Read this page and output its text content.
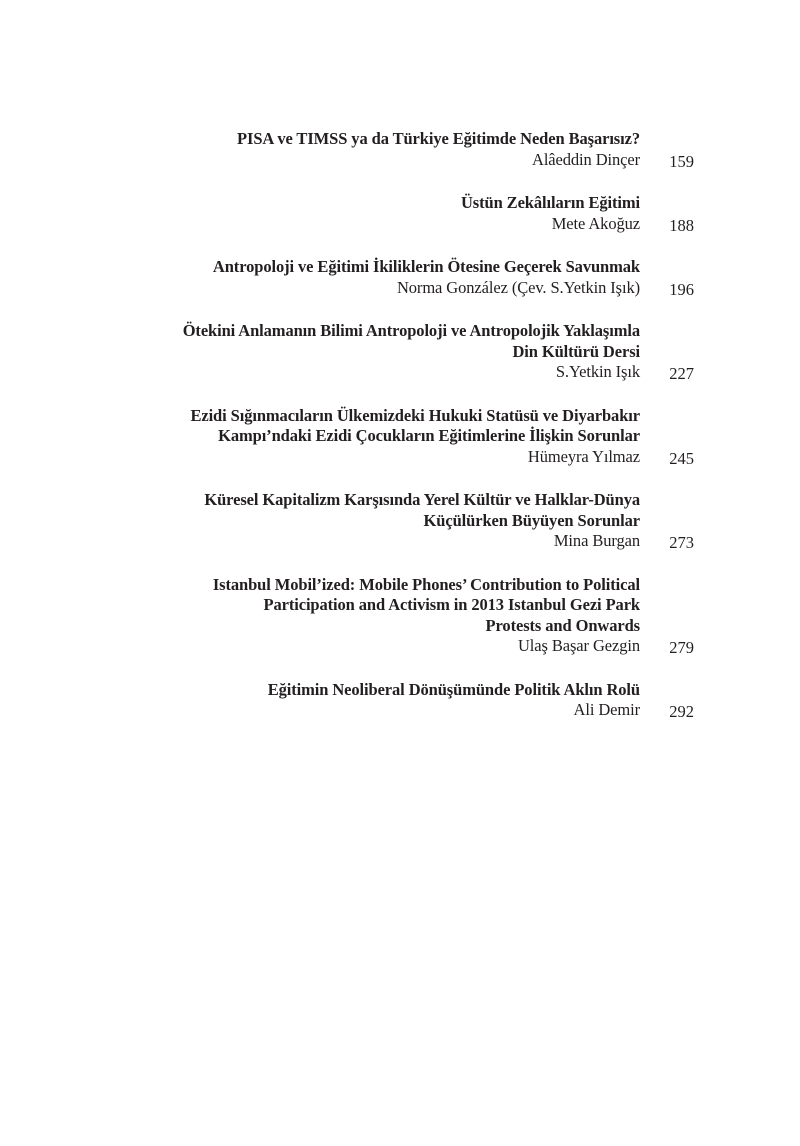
PISA ve TIMSS ya da Türkiye Eğitimde Neden Başarısız?
Alâeddin Dinçer	159
Üstün Zekâlıların Eğitimi
Mete Akoğuz	188
Antropoloji ve Eğitimi İkiliklerin Ötesine Geçerek Savunmak
Norma González (Çev. S.Yetkin Işık)	196
Ötekini Anlamanın Bilimi Antropoloji ve Antropolojik Yaklaşımla
Din Kültürü Dersi
S.Yetkin Işık	227
Ezidi Sığınmacıların Ülkemizdeki Hukuki Statüsü ve Diyarbakır
Kampı’ndaki Ezidi Çocukların Eğitimlerine İlişkin Sorunlar
Hümeyra Yılmaz	245
Küresel Kapitalizm Karşısında Yerel Kültür ve Halklar-Dünya
Küçülürken Büyüyen Sorunlar
Mina Burgan	273
Istanbul Mobil’ized: Mobile Phones’ Contribution to Political
Participation and Activism in 2013 Istanbul Gezi Park
Protests and Onwards
Ulaş Başar Gezgin	279
Eğitimin Neoliberal Dönüşümünde Politik Aklın Rolü
Ali Demir	292
